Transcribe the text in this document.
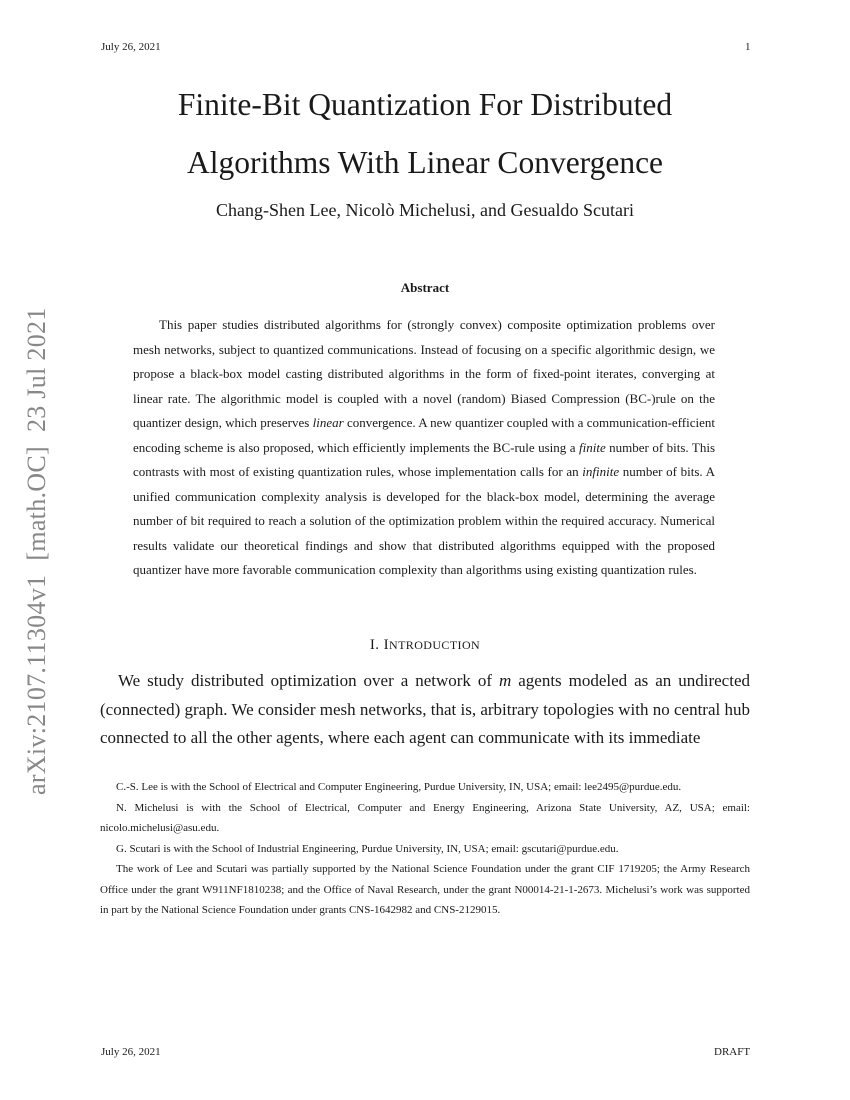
July 26, 2021	1
arXiv:2107.11304v1[math.OC]23 Jul 2021
Finite-Bit Quantization For Distributed
Algorithms With Linear Convergence
Chang-Shen Lee, Nicolò Michelusi, and Gesualdo Scutari
Abstract
This paper studies distributed algorithms for (strongly convex) composite optimization problems over mesh networks, subject to quantized communications. Instead of focusing on a specific algorithmic design, we propose a black-box model casting distributed algorithms in the form of fixed-point iterates, converging at linear rate. The algorithmic model is coupled with a novel (random) Biased Compression (BC-)rule on the quantizer design, which preserves linear convergence. A new quantizer coupled with a communication-efficient encoding scheme is also proposed, which efficiently implements the BC-rule using a finite number of bits. This contrasts with most of existing quantization rules, whose implementation calls for an infinite number of bits. A unified communication complexity analysis is developed for the black-box model, determining the average number of bit required to reach a solution of the optimization problem within the required accuracy. Numerical results validate our theoretical findings and show that distributed algorithms equipped with the proposed quantizer have more favorable communication complexity than algorithms using existing quantization rules.
I. INTRODUCTION
We study distributed optimization over a network of m agents modeled as an undirected (connected) graph. We consider mesh networks, that is, arbitrary topologies with no central hub connected to all the other agents, where each agent can communicate with its immediate

C.-S. Lee is with the School of Electrical and Computer Engineering, Purdue University, IN, USA; email: lee2495@purdue.edu.

N. Michelusi is with the School of Electrical, Computer and Energy Engineering, Arizona State University, AZ, USA; email: nicolo.michelusi@asu.edu.

G. Scutari is with the School of Industrial Engineering, Purdue University, IN, USA; email: gscutari@purdue.edu.

The work of Lee and Scutari was partially supported by the National Science Foundation under the grant CIF 1719205; the Army Research Office under the grant W911NF1810238; and the Office of Naval Research, under the grant N00014-21-1-2673. Michelusi’s work was supported in part by the National Science Foundation under grants CNS-1642982 and CNS-2129015.

July 26, 2021	DRAFT
